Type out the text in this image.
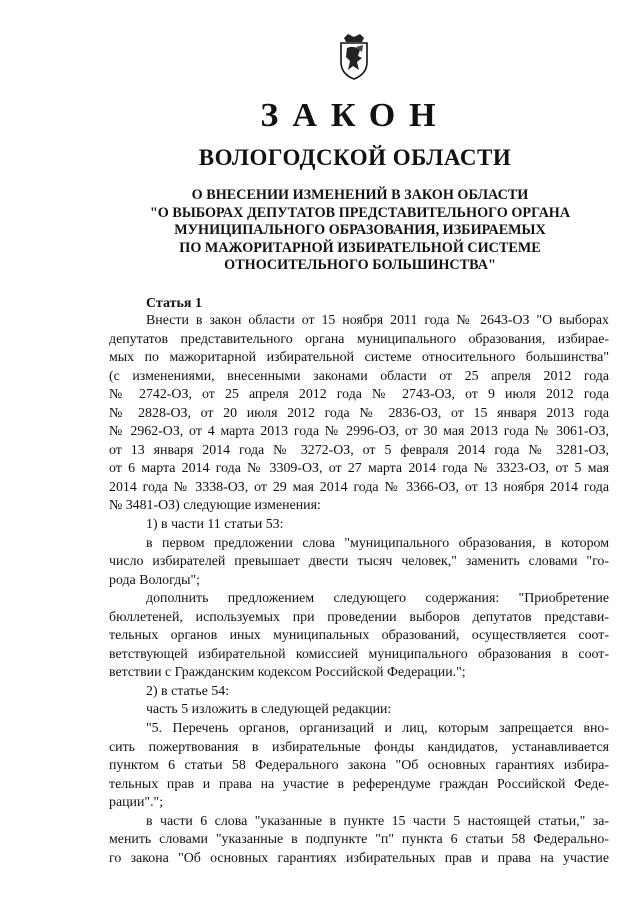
ЗАКОН
ВОЛОГОДСКОЙ ОБЛАСТИ
О ВНЕСЕНИИ ИЗМЕНЕНИЙ В ЗАКОН ОБЛАСТИ
"О ВЫБОРАХ ДЕПУТАТОВ ПРЕДСТАВИТЕЛЬНОГО ОРГАНА
МУНИЦИПАЛЬНОГО ОБРАЗОВАНИЯ, ИЗБИРАЕМЫХ
ПО МАЖОРИТАРНОЙ ИЗБИРАТЕЛЬНОЙ СИСТЕМЕ
ОТНОСИТЕЛЬНОГО БОЛЬШИНСТВА"
Статья 1
Внести в закон области от 15 ноября 2011 года № 2643-ОЗ "О выборах
депутатов представительного органа муниципального образования, избирае-
мых по мажоритарной избирательной системе относительного большинства"
(с изменениями, внесенными законами области от 25 апреля 2012 года
№ 2742-ОЗ, от 25 апреля 2012 года № 2743-ОЗ, от 9 июля 2012 года
№ 2828-ОЗ, от 20 июля 2012 года № 2836-ОЗ, от 15 января 2013 года
№ 2962-ОЗ, от 4 марта 2013 года № 2996-ОЗ, от 30 мая 2013 года № 3061-ОЗ,
от 13 января 2014 года № 3272-ОЗ, от 5 февраля 2014 года № 3281-ОЗ,
от 6 марта 2014 года № 3309-ОЗ, от 27 марта 2014 года № 3323-ОЗ, от 5 мая
2014 года № 3338-ОЗ, от 29 мая 2014 года № 3366-ОЗ, от 13 ноября 2014 года
№ 3481-ОЗ) следующие изменения:
1) в части 11 статьи 53:
в первом предложении слова "муниципального образования, в котором
число избирателей превышает двести тысяч человек," заменить словами "го-
рода Вологды";
дополнить предложением следующего содержания: "Приобретение
бюллетеней, используемых при проведении выборов депутатов представи-
тельных органов иных муниципальных образований, осуществляется соот-
ветствующей избирательной комиссией муниципального образования в соот-
ветствии с Гражданским кодексом Российской Федерации.";
2) в статье 54:
часть 5 изложить в следующей редакции:
"5. Перечень органов, организаций и лиц, которым запрещается вно-
сить пожертвования в избирательные фонды кандидатов, устанавливается
пунктом 6 статьи 58 Федерального закона "Об основных гарантиях избира-
тельных прав и права на участие в референдуме граждан Российской Феде-
рации".";
в части 6 слова "указанные в пункте 15 части 5 настоящей статьи," за-
менить словами "указанные в подпункте "п" пункта 6 статьи 58 Федерально-
го закона "Об основных гарантиях избирательных прав и права на участие
